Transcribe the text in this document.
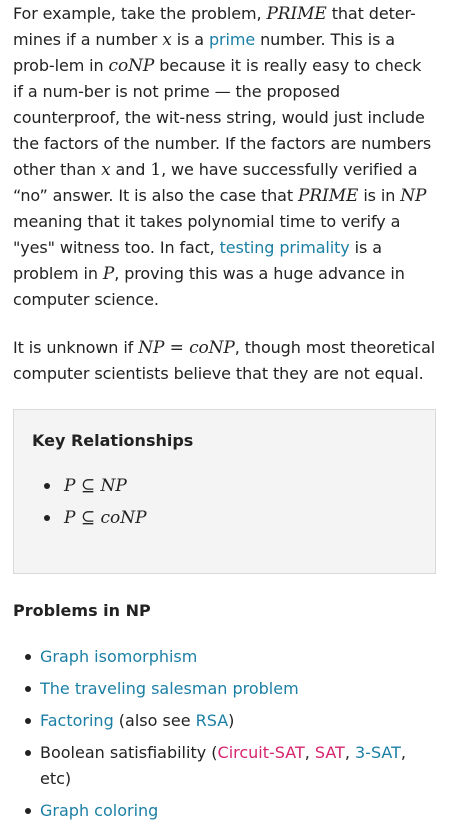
For example, take the problem, PRIME that deter-mines if a number x is a prime number. This is a prob-lem in coNP because it is really easy to check if a num-ber is not prime — the proposed counterproof, the wit-ness string, would just include the factors of the number. If the factors are numbers other than x and 1, we have successfully verified a “no” answer. It is also the case that PRIME is in NP meaning that it takes polynomial time to verify a "yes" witness too. In fact, testing primality is a problem in P, proving this was a huge advance in computer science.

It is unknown if NP = coNP, though most theoretical computer scientists believe that they are not equal.

Key Relationships
P ⊆ NP
P ⊆ coNP
Problems in NP
Graph isomorphism
The traveling salesman problem
Factoring (also see RSA)
Boolean satisfiability (Circuit-SAT, SAT, 3-SAT, etc)
Graph coloring
